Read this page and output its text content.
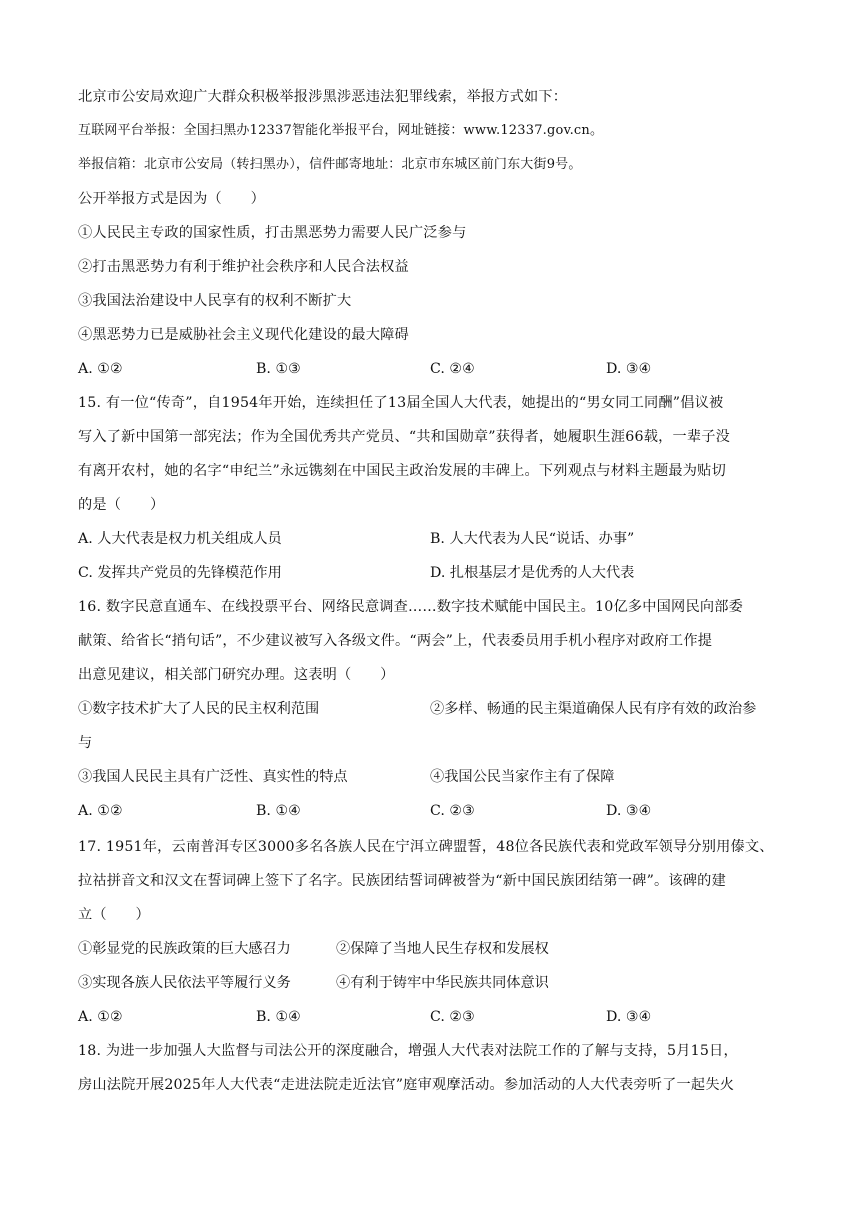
北京市公安局欢迎广大群众积极举报涉黑涉恶违法犯罪线索，举报方式如下：
互联网平台举报：全国扫黑办12337智能化举报平台，网址链接：www.12337.gov.cn。
举报信箱：北京市公安局（转扫黑办），信件邮寄地址：北京市东城区前门东大街9号。
公开举报方式是因为（　　）
①人民民主专政的国家性质，打击黑恶势力需要人民广泛参与
②打击黑恶势力有利于维护社会秩序和人民合法权益
③我国法治建设中人民享有的权利不断扩大
④黑恶势力已是威胁社会主义现代化建设的最大障碍
A. ①②	B. ①③	C. ②④	D. ③④
15. 有一位“传奇”，自1954年开始，连续担任了13届全国人大代表，她提出的“男女同工同酬”倡议被
写入了新中国第一部宪法；作为全国优秀共产党员、“共和国勋章”获得者，她履职生涯66载，一辈子没
有离开农村，她的名字“申纪兰”永远镌刻在中国民主政治发展的丰碑上。下列观点与材料主题最为贴切
的是（　　）
A. 人大代表是权力机关组成人员	B. 人大代表为人民“说话、办事”
C. 发挥共产党员的先锋模范作用	D. 扎根基层才是优秀的人大代表
16. 数字民意直通车、在线投票平台、网络民意调查……数字技术赋能中国民主。10亿多中国网民向部委
献策、给省长“捎句话”，不少建议被写入各级文件。“两会”上，代表委员用手机小程序对政府工作提
出意见建议，相关部门研究办理。这表明（　　）
①数字技术扩大了人民的民主权利范围	②多样、畅通的民主渠道确保人民有序有效的政治参
与
③我国人民民主具有广泛性、真实性的特点	④我国公民当家作主有了保障
A. ①②	B. ①④	C. ②③	D. ③④
17. 1951年，云南普洱专区3000多名各族人民在宁洱立碑盟誓，48位各民族代表和党政军领导分别用傣文、
拉祜拼音文和汉文在誓词碑上签下了名字。民族团结誓词碑被誉为“新中国民族团结第一碑”。该碑的建
立（　　）
①彰显党的民族政策的巨大感召力	②保障了当地人民生存权和发展权
③实现各族人民依法平等履行义务	④有利于铸牢中华民族共同体意识
A. ①②	B. ①④	C. ②③	D. ③④
18. 为进一步加强人大监督与司法公开的深度融合，增强人大代表对法院工作的了解与支持，5月15日，
房山法院开展2025年人大代表“走进法院走近法官”庭审观摩活动。参加活动的人大代表旁听了一起失火
